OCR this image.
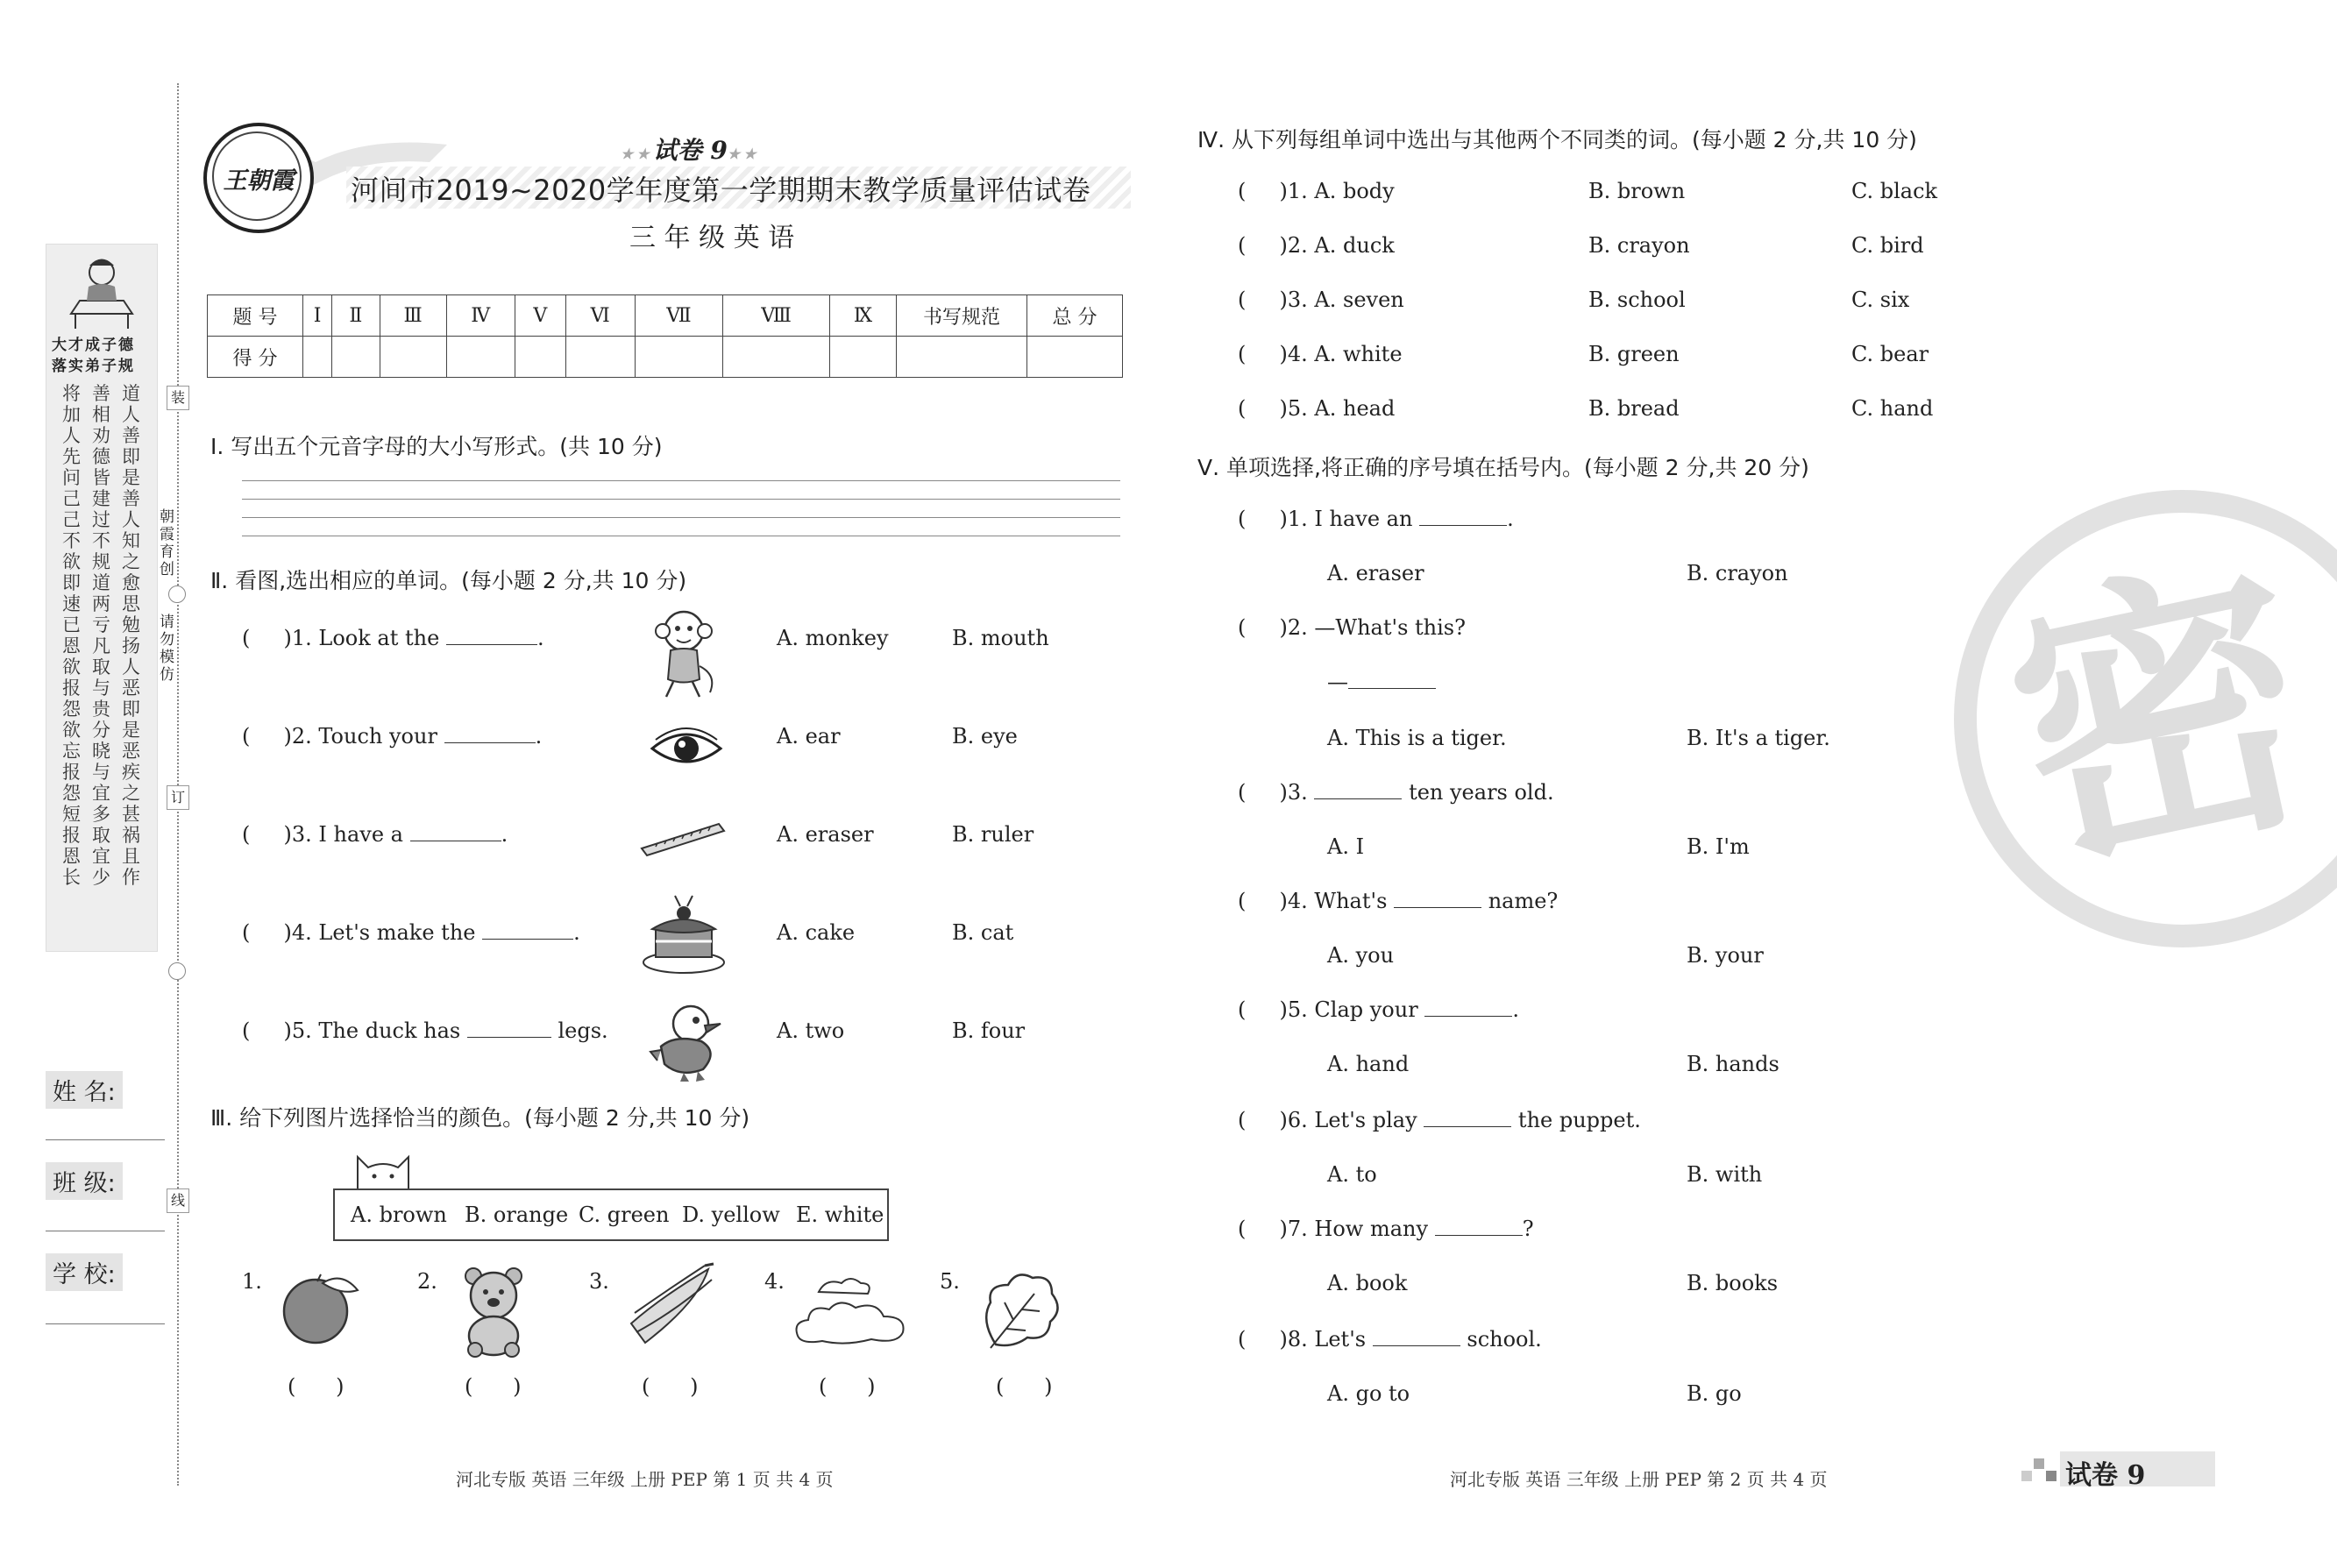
大才成子德
落实弟子规
将加人先问己己不欲即速已恩欲报怨欲忘报怨短报恩长
善相劝德皆建过不规道两亏凡取与贵分晓与宜多取宜少
道人善即是善人知之愈思勉扬人恶即是恶疾之甚祸且作
装
朝霞育创
请勿模仿
订
线
姓 名:
班 级:
学 校:
王朝霞
★★试卷 9★★
河间市2019~2020学年度第一学期期末教学质量评估试卷
三 年 级 英 语
题 号	Ⅰ	Ⅱ	Ⅲ	Ⅳ	Ⅴ	Ⅵ	Ⅶ	Ⅷ	Ⅸ	书写规范	总 分
得 分											
Ⅰ. 写出五个元音字母的大小写形式。(共 10 分)
Ⅱ. 看图,选出相应的单词。(每小题 2 分,共 10 分)
(     )1. Look at the	.	A. monkey	B. mouth
(     )2. Touch your	.	A. ear	B. eye
(     )3. I have a	.	A. eraser	B. ruler
(     )4. Let's make the	.	A. cake	B. cat
(     )5. The duck has	legs.	A. two	B. four
Ⅲ. 给下列图片选择恰当的颜色。(每小题 2 分,共 10 分)
A. brown B. orange C. green D. yellow E. white
1.
(      )
2.
(      )
3.
(      )
4.
(      )
5.
(      )
河北专版 英语 三年级 上册 PEP 第 1 页 共 4 页
密
Ⅳ. 从下列每组单词中选出与其他两个不同类的词。(每小题 2 分,共 10 分)
(     )1. A. body	B. brown	C. black
(     )2. A. duck	B. crayon	C. bird
(     )3. A. seven	B. school	C. six
(     )4. A. white	B. green	C. bear
(     )5. A. head	B. bread	C. hand
Ⅴ. 单项选择,将正确的序号填在括号内。(每小题 2 分,共 20 分)
(     )1. I have an	.
A. eraser	B. crayon
(     )2. —What's this?
—
A. This is a tiger.	B. It's a tiger.
(     )3.	ten years old.
A. I	B. I'm
(     )4. What's	name?
A. you	B. your
(     )5. Clap your	.
A. hand	B. hands
(     )6. Let's play	the puppet.
A. to	B. with
(     )7. How many	?
A. book	B. books
(     )8. Let's	school.
A. go to	B. go
河北专版 英语 三年级 上册 PEP 第 2 页 共 4 页	试卷 9
